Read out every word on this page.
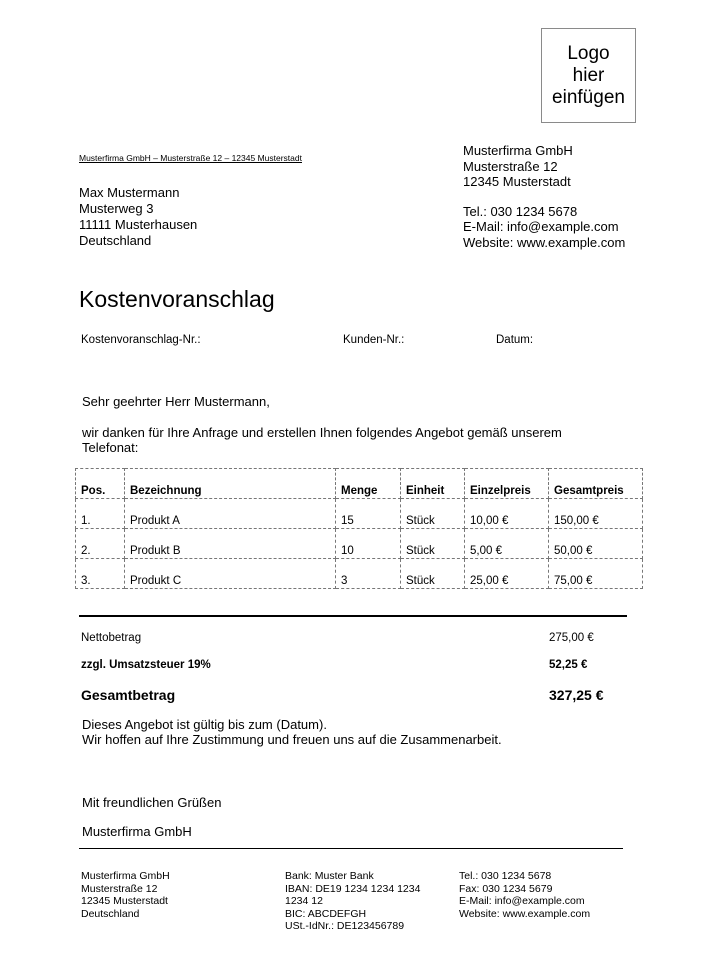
Logo
hier
einfügen
Musterfirma GmbH – Musterstraße 12 – 12345 Musterstadt
Max Mustermann
Musterweg 3
11111 Musterhausen
Deutschland
Musterfirma GmbH
Musterstraße 12
12345 Musterstadt
Tel.: 030 1234 5678
E-Mail: info@example.com
Website: www.example.com
Kostenvoranschlag
Kostenvoranschlag-Nr.:	Kunden-Nr.:	Datum:
Sehr geehrter Herr Mustermann,
wir danken für Ihre Anfrage und erstellen Ihnen folgendes Angebot gemäß unserem
Telefonat:
Pos.	Bezeichnung	Menge	Einheit	Einzelpreis	Gesamtpreis
1.	Produkt A	15	Stück	10,00 €	150,00 €
2.	Produkt B	10	Stück	5,00 €	50,00 €
3.	Produkt C	3	Stück	25,00 €	75,00 €
Nettobetrag	275,00 €
zzgl. Umsatzsteuer 19%	52,25 €
Gesamtbetrag	327,25 €
Dieses Angebot ist gültig bis zum (Datum).
Wir hoffen auf Ihre Zustimmung und freuen uns auf die Zusammenarbeit.
Mit freundlichen Grüßen
Musterfirma GmbH
Musterfirma GmbH
Musterstraße 12
12345 Musterstadt
Deutschland
Bank: Muster Bank
IBAN: DE19 1234 1234 1234
1234 12
BIC: ABCDEFGH
USt.-IdNr.: DE123456789
Tel.: 030 1234 5678
Fax: 030 1234 5679
E-Mail: info@example.com
Website: www.example.com
